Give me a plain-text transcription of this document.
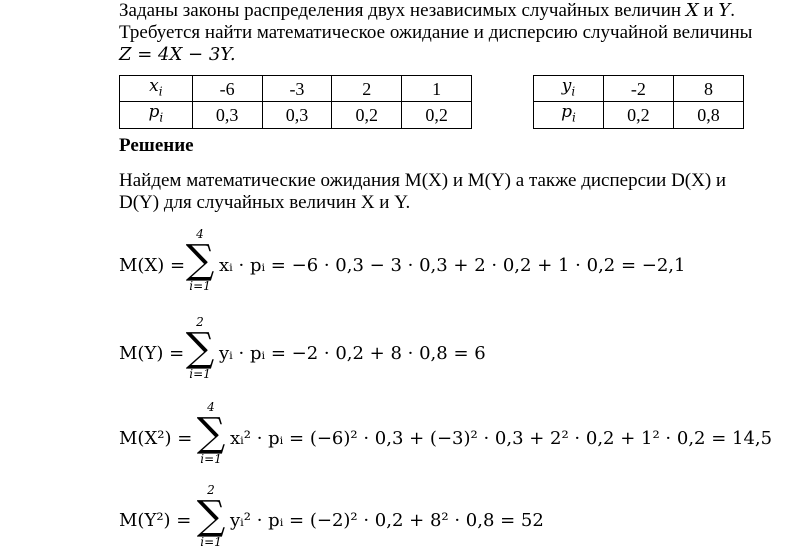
Заданы законы распределения двух независимых случайных величин X и Y.
Требуется найти математическое ожидание и дисперсию случайной величины
Z = 4X − 3Y.
$x_i$	-6	-3	2	1
$p_i$	0,3	0,3	0,2	0,2
$y_i$	-2	8
$p_i$	0,2	0,8
Решение
Найдем математические ожидания M(X) и M(Y) а также дисперсии D(X) и
D(Y) для случайных величин X и Y.
M(X) =
4
∑
i=1
xᵢ · pᵢ = −6 · 0,3 − 3 · 0,3 + 2 · 0,2 + 1 · 0,2 = −2,1
M(Y) =
2
∑
i=1
yᵢ · pᵢ = −2 · 0,2 + 8 · 0,8 = 6
M(X²) =
4
∑
i=1
xᵢ² · pᵢ = (−6)² · 0,3 + (−3)² · 0,3 + 2² · 0,2 + 1² · 0,2 = 14,5
M(Y²) =
2
∑
i=1
yᵢ² · pᵢ = (−2)² · 0,2 + 8² · 0,8 = 52
